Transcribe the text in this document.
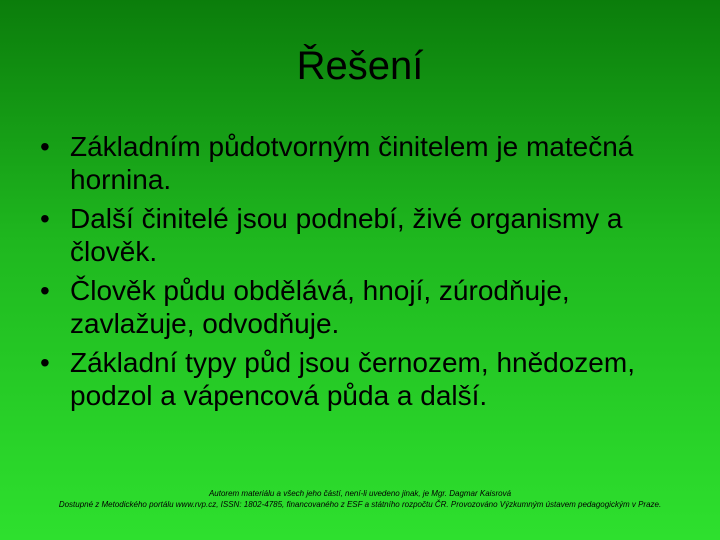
Řešení
• Základním půdotvorným činitelem je matečná hornina.
• Další činitelé jsou podnebí, živé organismy a člověk.
• Člověk půdu obdělává, hnojí, zúrodňuje, zavlažuje, odvodňuje.
• Základní typy půd jsou černozem, hnědozem, podzol a vápencová půda a další.
Autorem materiálu a všech jeho částí, není-li uvedeno jinak, je Mgr. Dagmar Kaisrová
Dostupné z Metodického portálu www.rvp.cz, ISSN: 1802-4785, financovaného z ESF a státního rozpočtu ČR. Provozováno Výzkumným ústavem pedagogickým v Praze.
